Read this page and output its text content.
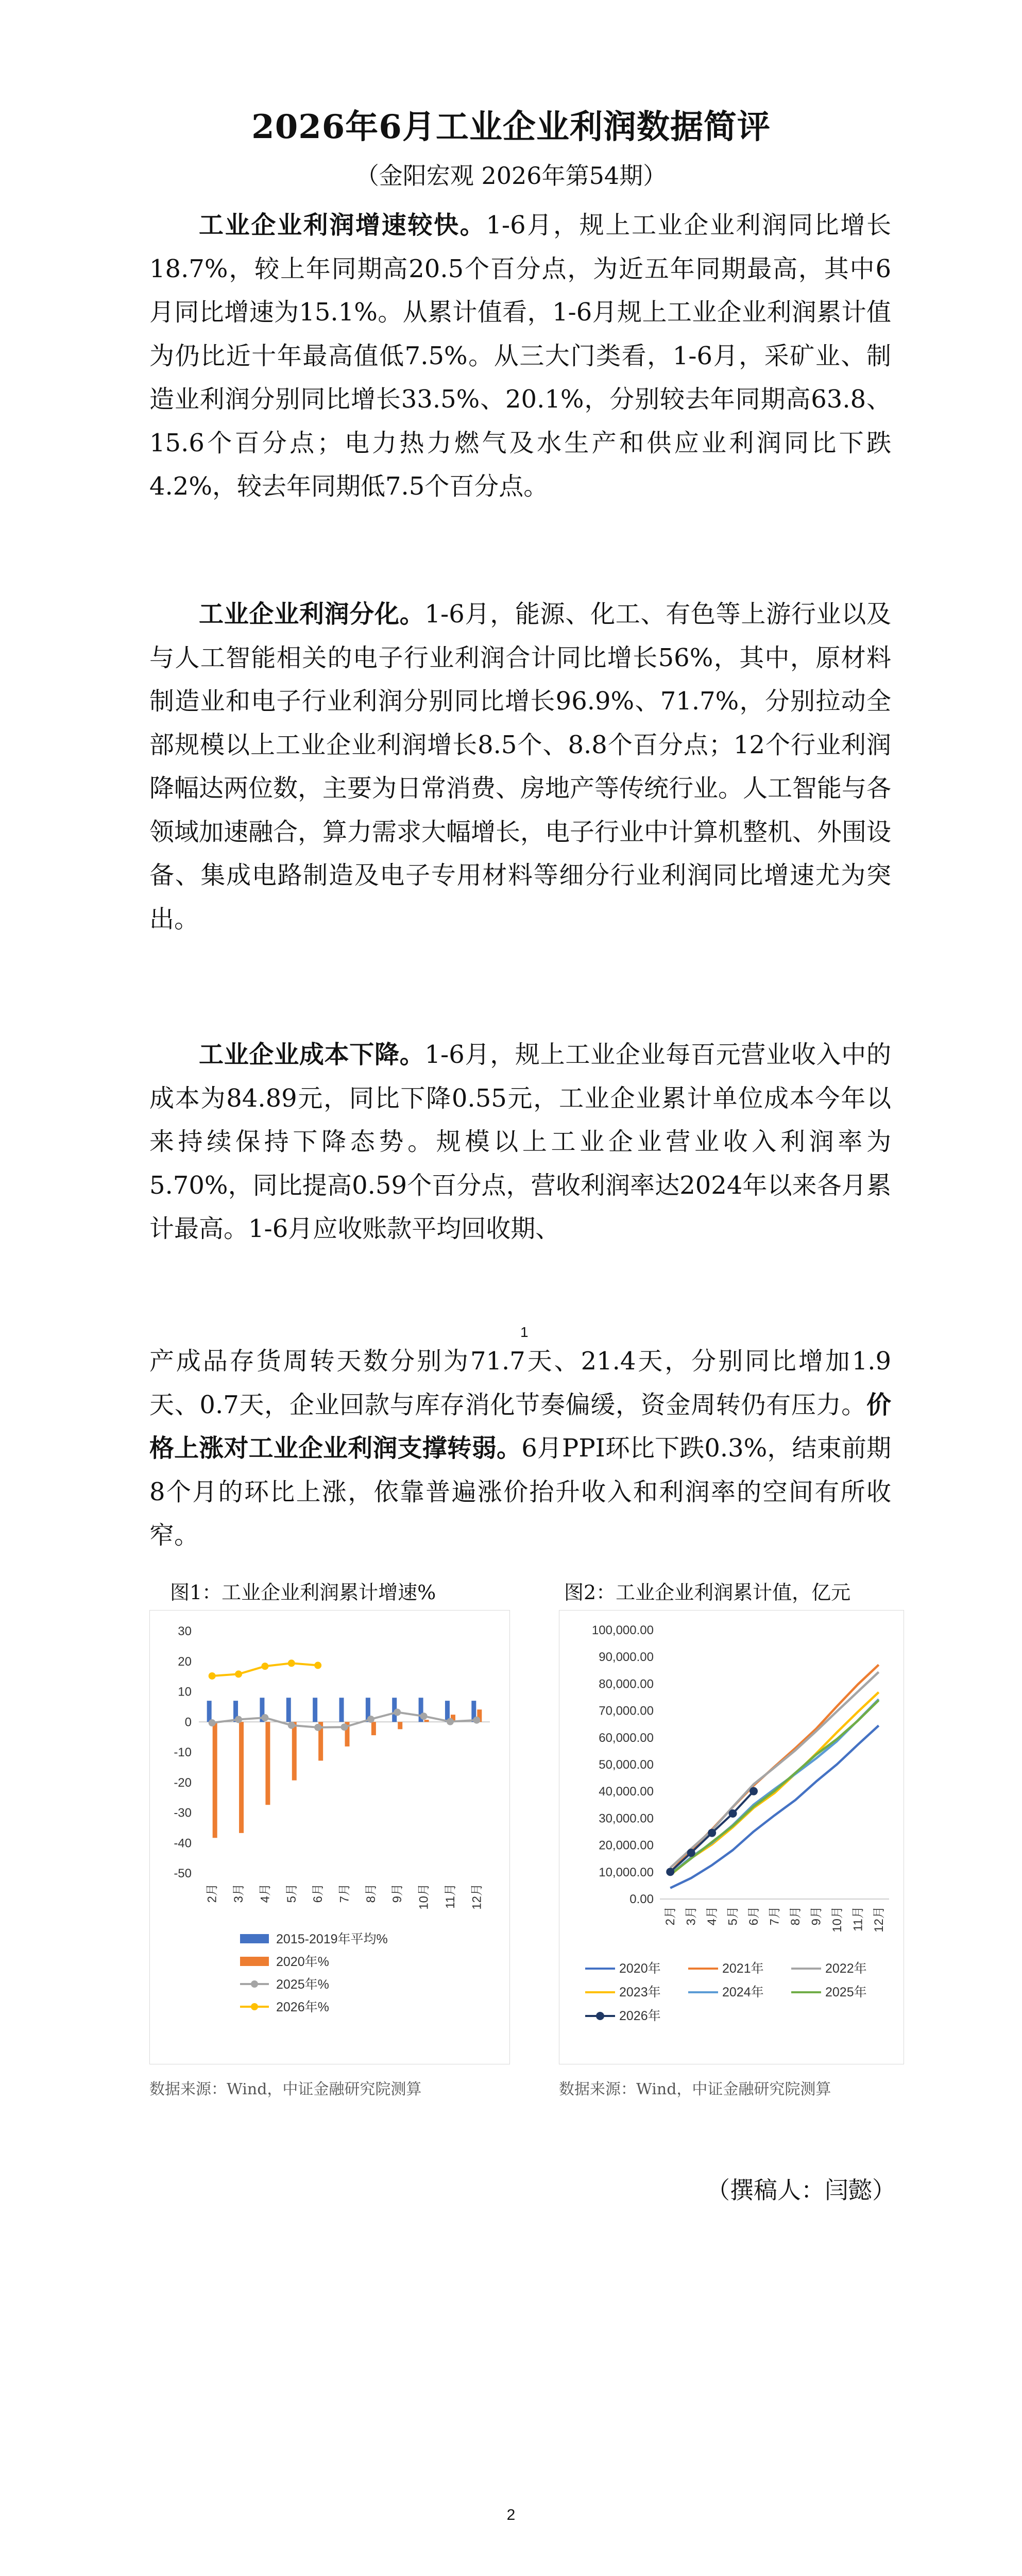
2026年6月工业企业利润数据简评
（金阳宏观 2026年第54期）

工业企业利润增速较快。1-6月，规上工业企业利润同比增长18.7%，较上年同期高20.5个百分点，为近五年同期最高，其中6月同比增速为15.1%。从累计值看，1-6月规上工业企业利润累计值为仍比近十年最高值低7.5%。从三大门类看，1-6月，采矿业、制造业利润分别同比增长33.5%、20.1%，分别较去年同期高63.8、15.6个百分点；电力热力燃气及水生产和供应业利润同比下跌4.2%，较去年同期低7.5个百分点。

工业企业利润分化。1-6月，能源、化工、有色等上游行业以及与人工智能相关的电子行业利润合计同比增长56%，其中，原材料制造业和电子行业利润分别同比增长96.9%、71.7%，分别拉动全部规模以上工业企业利润增长8.5个、8.8个百分点；12个行业利润降幅达两位数，主要为日常消费、房地产等传统行业。人工智能与各领域加速融合，算力需求大幅增长，电子行业中计算机整机、外围设备、集成电路制造及电子专用材料等细分行业利润同比增速尤为突出。

工业企业成本下降。1-6月，规上工业企业每百元营业收入中的成本为84.89元，同比下降0.55元，工业企业累计单位成本今年以来持续保持下降态势。规模以上工业企业营业收入利润率为5.70%，同比提高0.59个百分点，营收利润率达2024年以来各月累计最高。1-6月应收账款平均回收期、

1

产成品存货周转天数分别为71.7天、21.4天，分别同比增加1.9天、0.7天，企业回款与库存消化节奏偏缓，资金周转仍有压力。价格上涨对工业企业利润支撑转弱。6月PPI环比下跌0.3%，结束前期8个月的环比上涨，依靠普遍涨价抬升收入和利润率的空间有所收窄。

图1：工业企业利润累计增速%	图2：工业企业利润累计值，亿元
30
20
10
0
-10
-20
-30
-40
-50
2月 3月 4月 5月 6月 7月 8月 9月 10月 11月 12月
2015-2019年平均%
2020年%
2025年%
2026年%
100,000.00
90,000.00
80,000.00
70,000.00
60,000.00
50,000.00
40,000.00
30,000.00
20,000.00
10,000.00
0.00
2月 3月 4月 5月 6月 7月 8月 9月 10月 11月 12月
2020年	2021年	2022年
2023年	2024年	2025年
2026年
数据来源：Wind，中证金融研究院测算	数据来源：Wind，中证金融研究院测算
（撰稿人：闫懿）
2
